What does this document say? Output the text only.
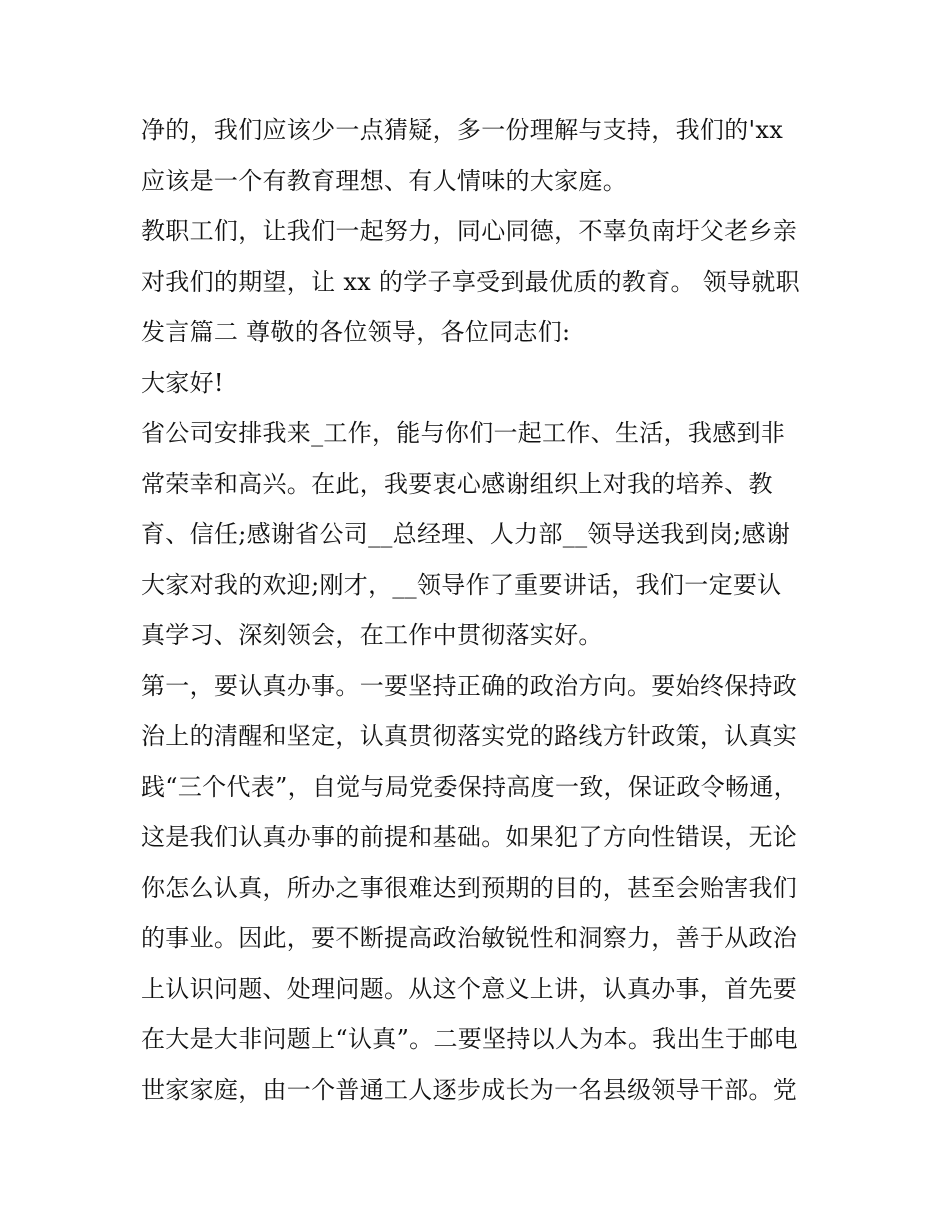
净的，我们应该少一点猜疑，多一份理解与支持，我们的'xx
应该是一个有教育理想、有人情味的大家庭。
教职工们，让我们一起努力，同心同德，不辜负南圩父老乡亲
对我们的期望，让 xx 的学子享受到最优质的教育。 领导就职
发言篇二 尊敬的各位领导，各位同志们:
大家好!
省公司安排我来_工作，能与你们一起工作、生活，我感到非
常荣幸和高兴。在此，我要衷心感谢组织上对我的培养、教
育、信任;感谢省公司__总经理、人力部__领导送我到岗;感谢
大家对我的欢迎;刚才，__领导作了重要讲话，我们一定要认
真学习、深刻领会，在工作中贯彻落实好。
第一，要认真办事。一要坚持正确的政治方向。要始终保持政
治上的清醒和坚定，认真贯彻落实党的路线方针政策，认真实
践“三个代表”，自觉与局党委保持高度一致，保证政令畅通，
这是我们认真办事的前提和基础。如果犯了方向性错误，无论
你怎么认真，所办之事很难达到预期的目的，甚至会贻害我们
的事业。因此，要不断提高政治敏锐性和洞察力，善于从政治
上认识问题、处理问题。从这个意义上讲，认真办事，首先要
在大是大非问题上“认真”。二要坚持以人为本。我出生于邮电
世家家庭，由一个普通工人逐步成长为一名县级领导干部。党
